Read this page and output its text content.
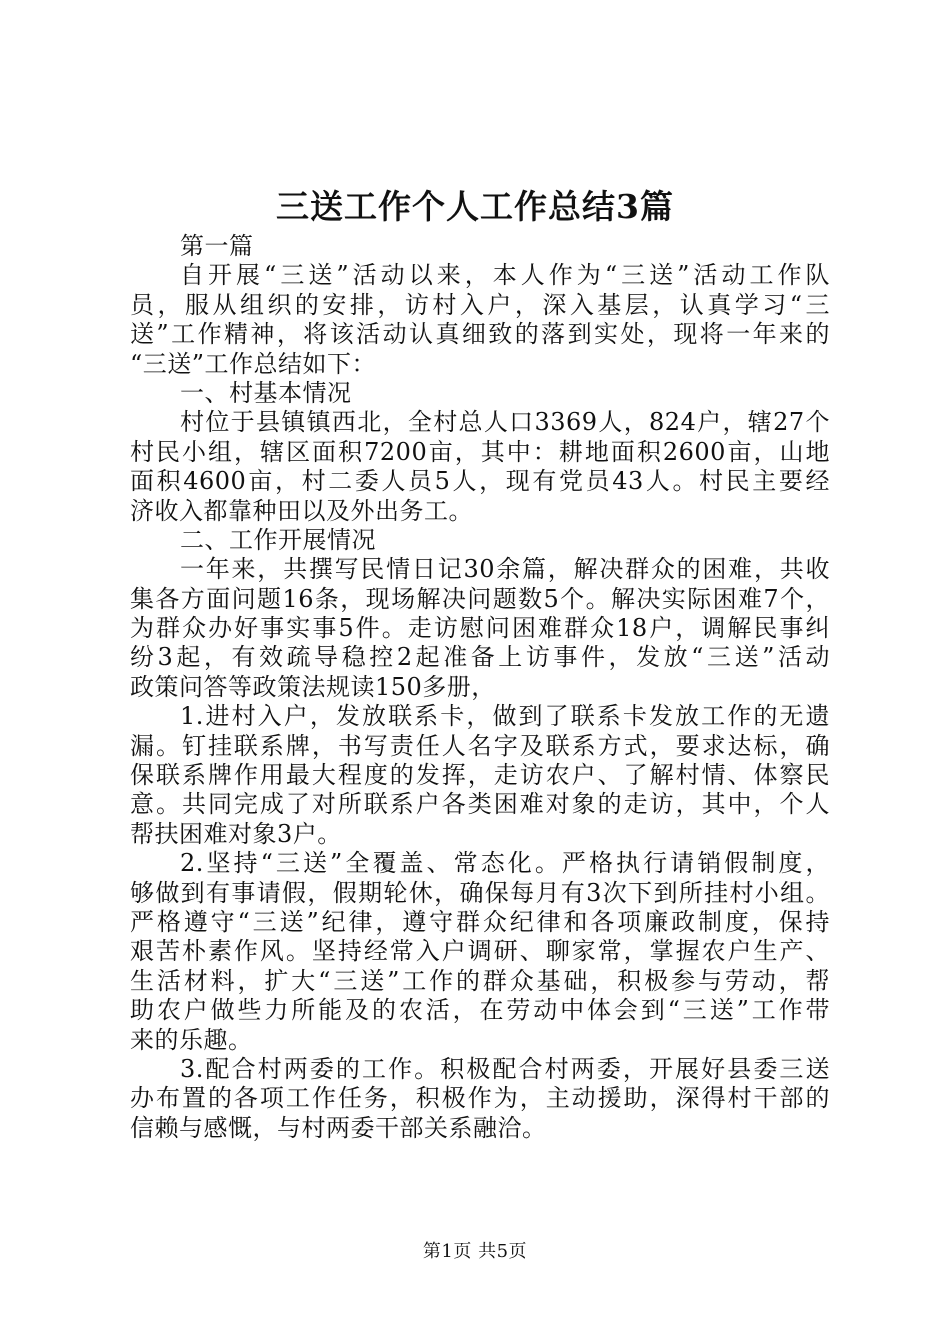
三送工作个人工作总结3篇
第一篇
自开展“三送”活动以来，本人作为“三送”活动工作队
员，服从组织的安排，访村入户，深入基层，认真学习“三
送”工作精神，将该活动认真细致的落到实处，现将一年来的
“三送”工作总结如下：
一、村基本情况
村位于县镇镇西北，全村总人口3369人，824户，辖27个
村民小组，辖区面积7200亩，其中：耕地面积2600亩，山地
面积4600亩，村二委人员5人，现有党员43人。村民主要经
济收入都靠种田以及外出务工。
二、工作开展情况
一年来，共撰写民情日记30余篇，解决群众的困难，共收
集各方面问题16条，现场解决问题数5个。解决实际困难7个，
为群众办好事实事5件。走访慰问困难群众18户，调解民事纠
纷3起，有效疏导稳控2起准备上访事件，发放“三送”活动
政策问答等政策法规读150多册，
1.进村入户，发放联系卡，做到了联系卡发放工作的无遗
漏。钉挂联系牌，书写责任人名字及联系方式，要求达标，确
保联系牌作用最大程度的发挥，走访农户、了解村情、体察民
意。共同完成了对所联系户各类困难对象的走访，其中，个人
帮扶困难对象3户。
2.坚持“三送”全覆盖、常态化。严格执行请销假制度，
够做到有事请假，假期轮休，确保每月有3次下到所挂村小组。
严格遵守“三送”纪律，遵守群众纪律和各项廉政制度，保持
艰苦朴素作风。坚持经常入户调研、聊家常，掌握农户生产、
生活材料，扩大“三送”工作的群众基础，积极参与劳动，帮
助农户做些力所能及的农活，在劳动中体会到“三送”工作带
来的乐趣。
3.配合村两委的工作。积极配合村两委，开展好县委三送
办布置的各项工作任务，积极作为，主动援助，深得村干部的
信赖与感慨，与村两委干部关系融洽。
第1页 共5页
